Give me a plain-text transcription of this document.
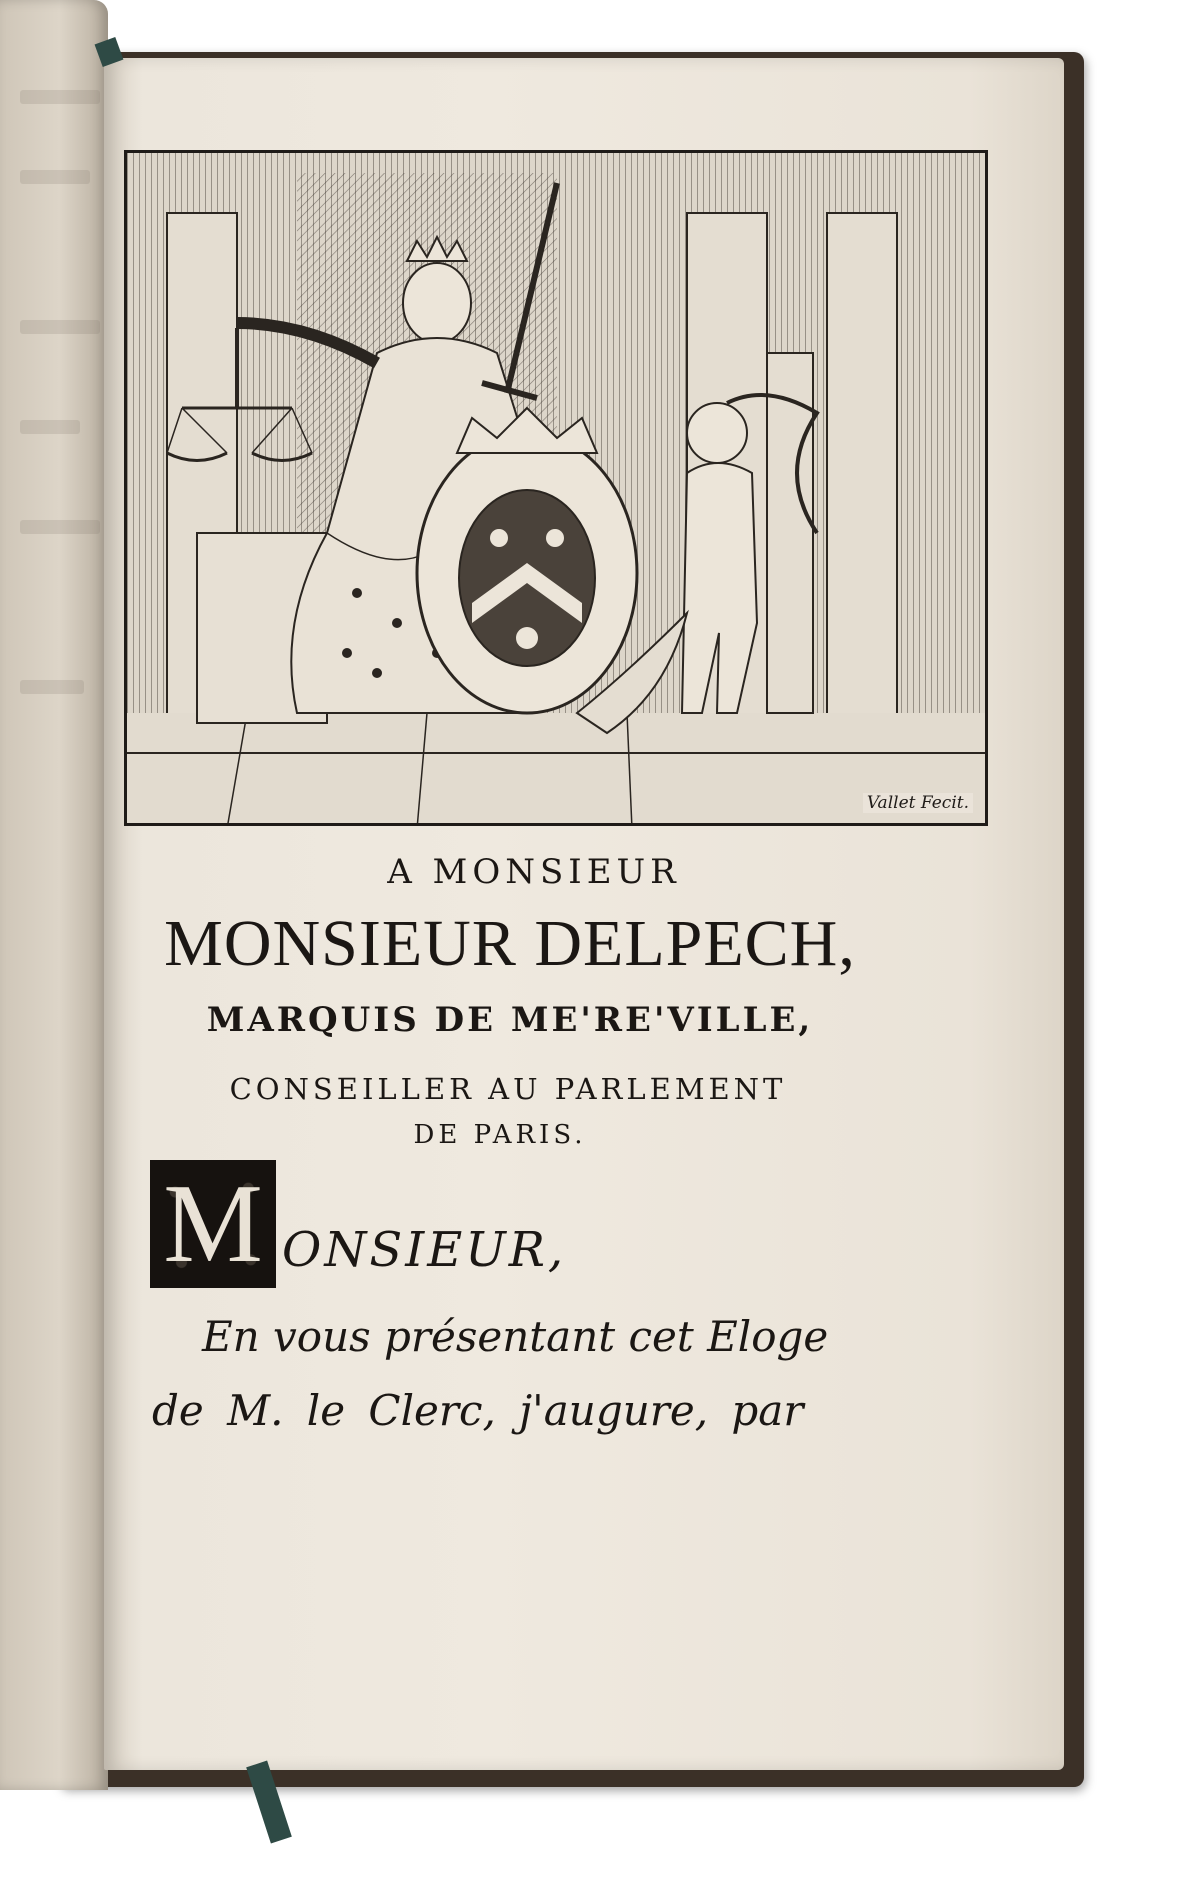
Vallet Fecit.
A MONSIEUR
MONSIEUR DELPECH,
MARQUIS DE ME'RE'VILLE,
CONSEILLER AU PARLEMENT
DE PARIS.
M ONSIEUR,
En vous présentant cet Eloge
de M. le Clerc, j'augure, par
